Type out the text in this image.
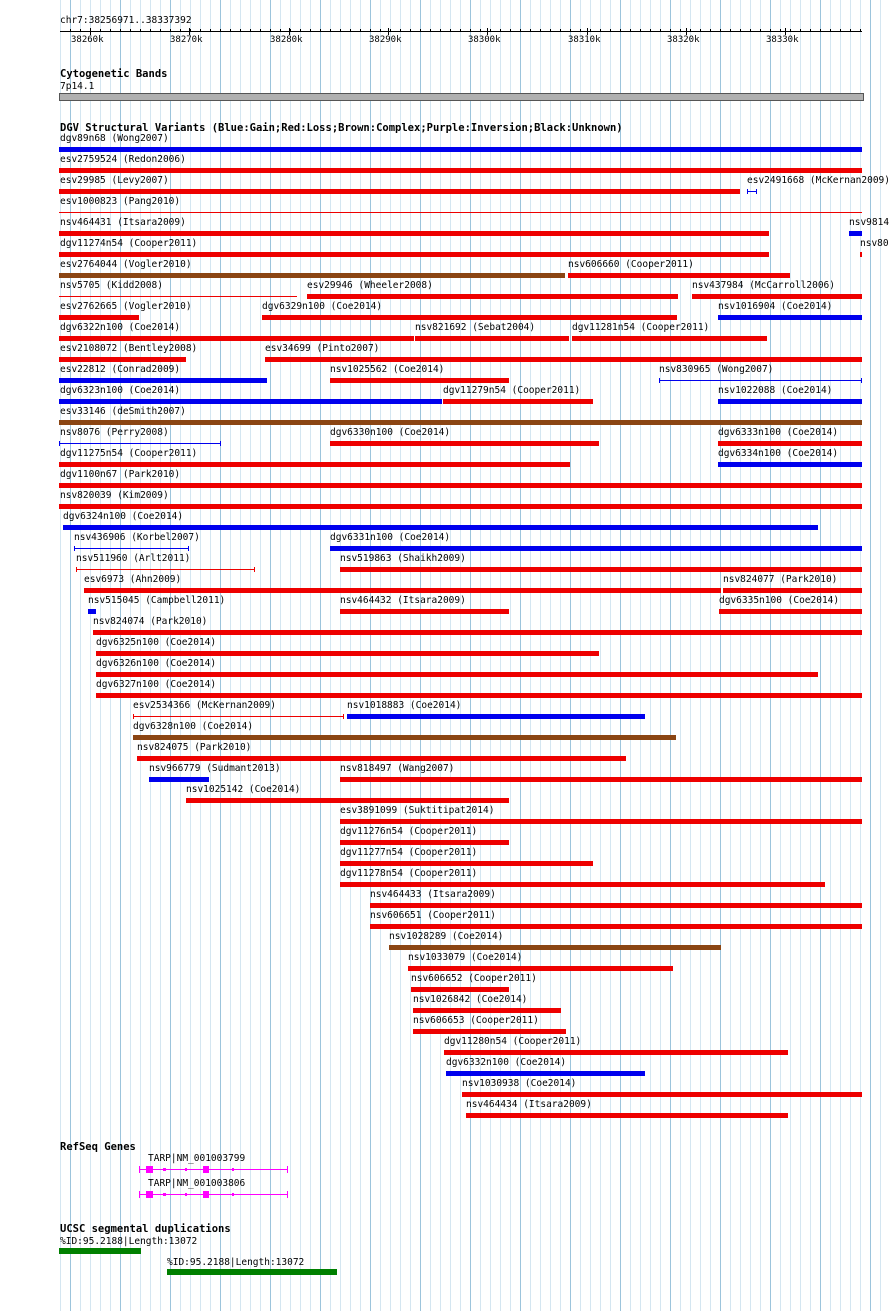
chr7:38256971..38337392
38260k	38270k	38280k	38290k	38300k	38310k	38320k	38330k
Cytogenetic Bands
7p14.1
DGV Structural Variants (Blue:Gain;Red:Loss;Brown:Complex;Purple:Inversion;Black:Unknown)
dgv89n68 (Wong2007)
esv2759524 (Redon2006)
esv29985 (Levy2007)	esv2491668 (McKernan2009)
esv1000823 (Pang2010)
nsv464431 (Itsara2009)	nsv9814
dgv11274n54 (Cooper2011)	nsv80
esv2764044 (Vogler2010)	nsv606660 (Cooper2011)
nsv5705 (Kidd2008)	esv29946 (Wheeler2008)	nsv437984 (McCarroll2006)
esv2762665 (Vogler2010)	dgv6329n100 (Coe2014)	nsv1016904 (Coe2014)
dgv6322n100 (Coe2014)	nsv821692 (Sebat2004)	dgv11281n54 (Cooper2011)
esv2108072 (Bentley2008)	esv34699 (Pinto2007)
esv22812 (Conrad2009)	nsv1025562 (Coe2014)	nsv830965 (Wong2007)
dgv6323n100 (Coe2014)	dgv11279n54 (Cooper2011)	nsv1022088 (Coe2014)
esv33146 (deSmith2007)
nsv8076 (Perry2008)	dgv6330n100 (Coe2014)	dgv6333n100 (Coe2014)
dgv11275n54 (Cooper2011)	dgv6334n100 (Coe2014)
dgv1100n67 (Park2010)
nsv820039 (Kim2009)
dgv6324n100 (Coe2014)
nsv436906 (Korbel2007)	dgv6331n100 (Coe2014)
nsv511960 (Arlt2011)	nsv519863 (Shaikh2009)
esv6973 (Ahn2009)	nsv824077 (Park2010)
nsv515045 (Campbell2011)	nsv464432 (Itsara2009)	dgv6335n100 (Coe2014)
nsv824074 (Park2010)
dgv6325n100 (Coe2014)
dgv6326n100 (Coe2014)
dgv6327n100 (Coe2014)
esv2534366 (McKernan2009)	nsv1018883 (Coe2014)
dgv6328n100 (Coe2014)
nsv824075 (Park2010)
nsv966779 (Sudmant2013)	nsv818497 (Wang2007)
nsv1025142 (Coe2014)
esv3891099 (Suktitipat2014)
dgv11276n54 (Cooper2011)
dgv11277n54 (Cooper2011)
dgv11278n54 (Cooper2011)
nsv464433 (Itsara2009)
nsv606651 (Cooper2011)
nsv1028289 (Coe2014)
nsv1033079 (Coe2014)
nsv606652 (Cooper2011)
nsv1026842 (Coe2014)
nsv606653 (Cooper2011)
dgv11280n54 (Cooper2011)
dgv6332n100 (Coe2014)
nsv1030938 (Coe2014)
nsv464434 (Itsara2009)
RefSeq Genes
TARP|NM_001003799
TARP|NM_001003806
UCSC segmental duplications
%ID:95.2188|Length:13072
%ID:95.2188|Length:13072
